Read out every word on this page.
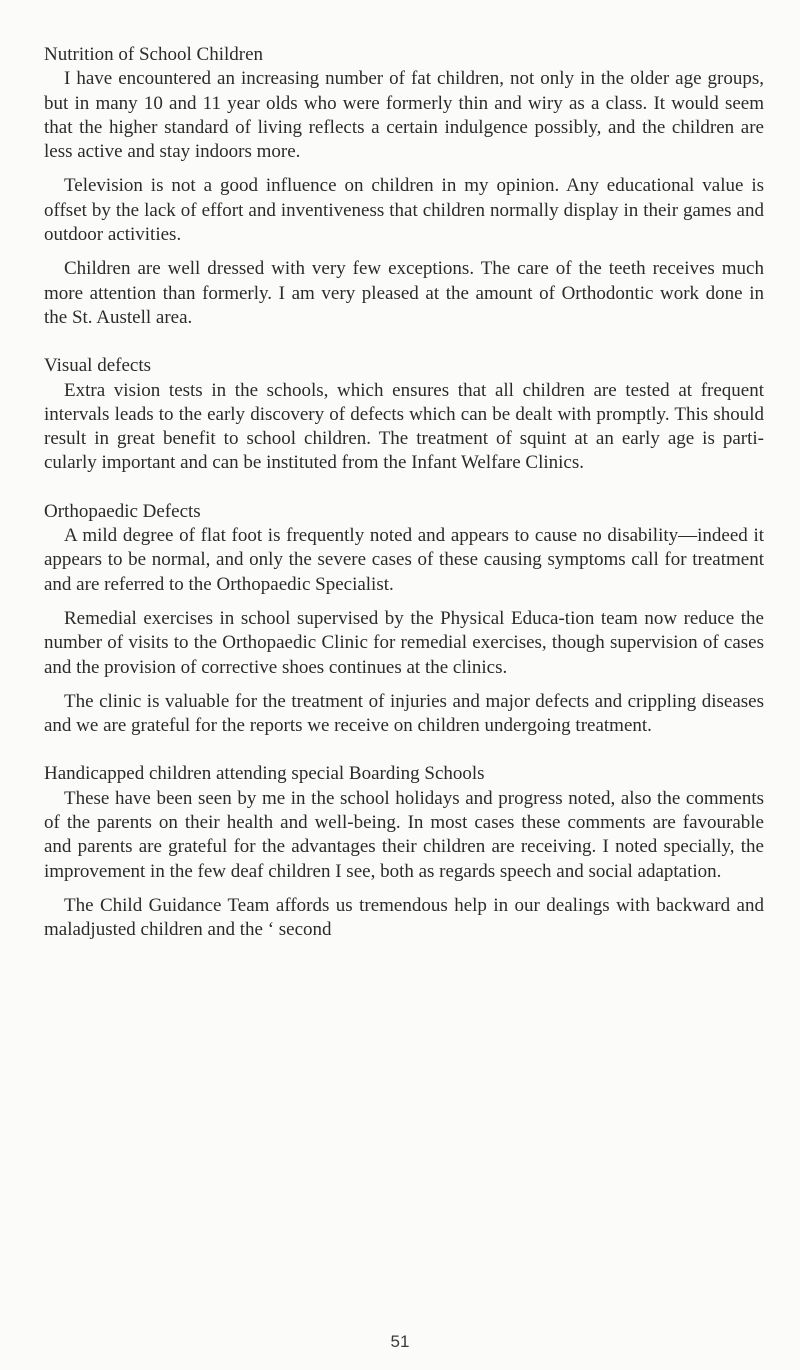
Nutrition of School Children

I have encountered an increasing number of fat children, not only in the older age groups, but in many 10 and 11 year olds who were formerly thin and wiry as a class. It would seem that the higher standard of living reflects a certain indulgence possibly, and the children are less active and stay indoors more.

Television is not a good influence on children in my opinion. Any educational value is offset by the lack of effort and inventiveness that children normally display in their games and outdoor activities.

Children are well dressed with very few exceptions. The care of the teeth receives much more attention than formerly. I am very pleased at the amount of Orthodontic work done in the St. Austell area.

Visual defects

Extra vision tests in the schools, which ensures that all children are tested at frequent intervals leads to the early discovery of defects which can be dealt with promptly. This should result in great benefit to school children. The treatment of squint at an early age is parti-cularly important and can be instituted from the Infant Welfare Clinics.

Orthopaedic Defects

A mild degree of flat foot is frequently noted and appears to cause no disability—indeed it appears to be normal, and only the severe cases of these causing symptoms call for treatment and are referred to the Orthopaedic Specialist.

Remedial exercises in school supervised by the Physical Educa-tion team now reduce the number of visits to the Orthopaedic Clinic for remedial exercises, though supervision of cases and the provision of corrective shoes continues at the clinics.

The clinic is valuable for the treatment of injuries and major defects and crippling diseases and we are grateful for the reports we receive on children undergoing treatment.

Handicapped children attending special Boarding Schools

These have been seen by me in the school holidays and progress noted, also the comments of the parents on their health and well-being. In most cases these comments are favourable and parents are grateful for the advantages their children are receiving. I noted specially, the improvement in the few deaf children I see, both as regards speech and social adaptation.

The Child Guidance Team affords us tremendous help in our dealings with backward and maladjusted children and the ‘ second

51
